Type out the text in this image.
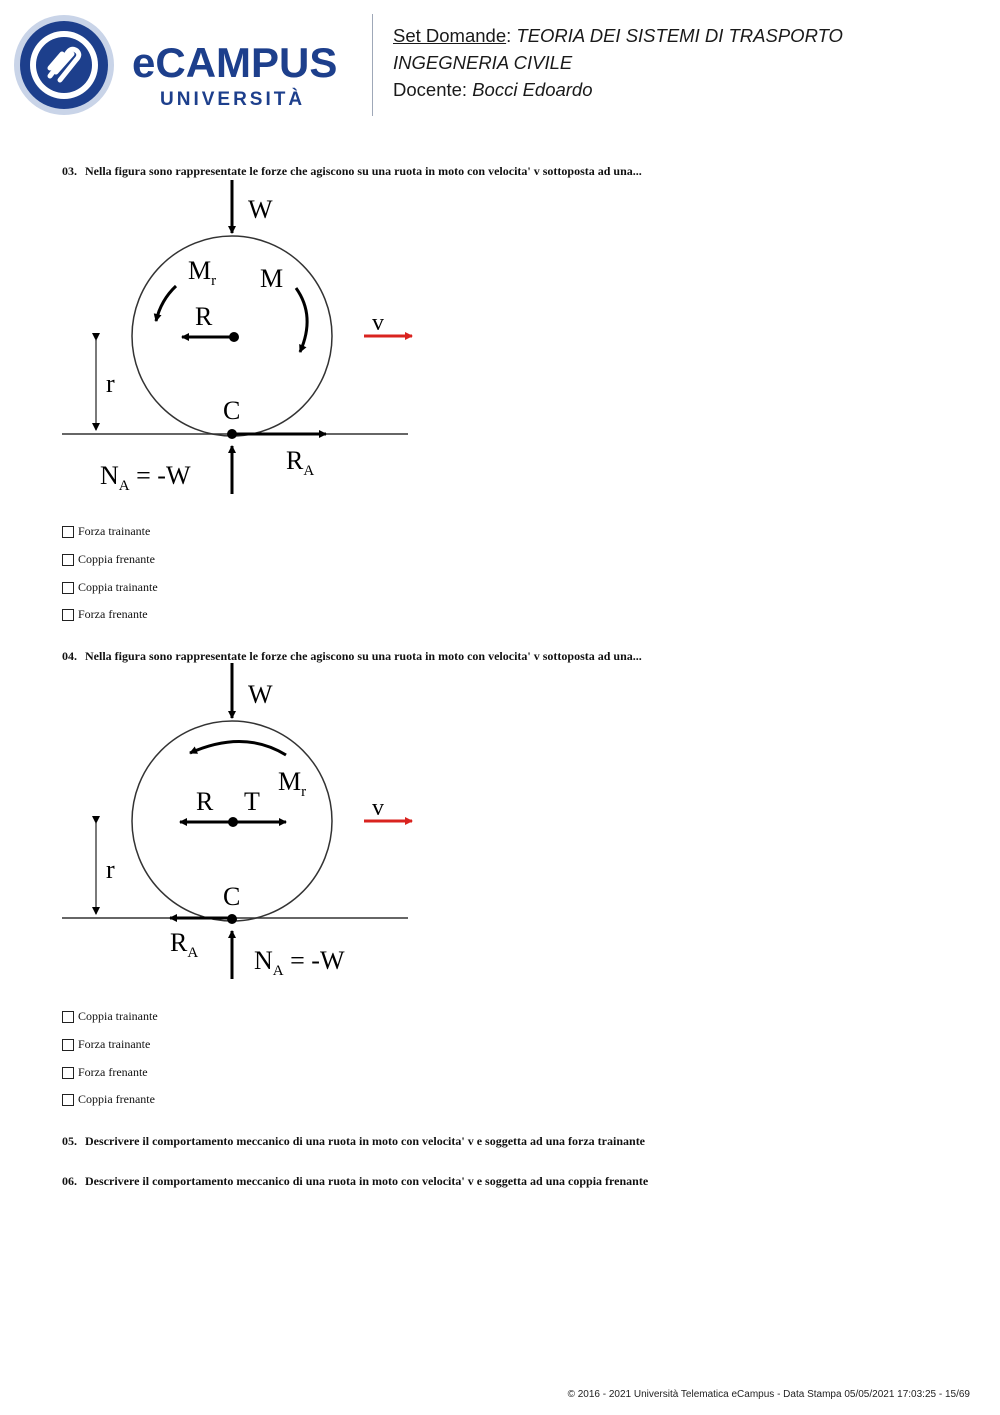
eCAMPUS
UNIVERSITÀ
Set Domande: TEORIA DEI SISTEMI DI TRASPORTO
INGEGNERIA CIVILE
Docente: Bocci Edoardo
03. Nella figura sono rappresentate le forze che agiscono su una ruota in moto con velocita' v sottoposta ad una...
W
$M_r$ M
R	v
r
C
$R_A$
$N_A = -W$
Forza trainante
Coppia frenante
Coppia trainante
Forza frenante
04. Nella figura sono rappresentate le forze che agiscono su una ruota in moto con velocita' v sottoposta ad una...
W
$M_r$
R T	v
r
C
$R_A$ $N_A = -W$
Coppia trainante
Forza trainante
Forza frenante
Coppia frenante
05. Descrivere il comportamento meccanico di una ruota in moto con velocita' v e soggetta ad una forza trainante
06. Descrivere il comportamento meccanico di una ruota in moto con velocita' v e soggetta ad una coppia frenante
© 2016 - 2021 Università Telematica eCampus - Data Stampa 05/05/2021 17:03:25 - 15/69
